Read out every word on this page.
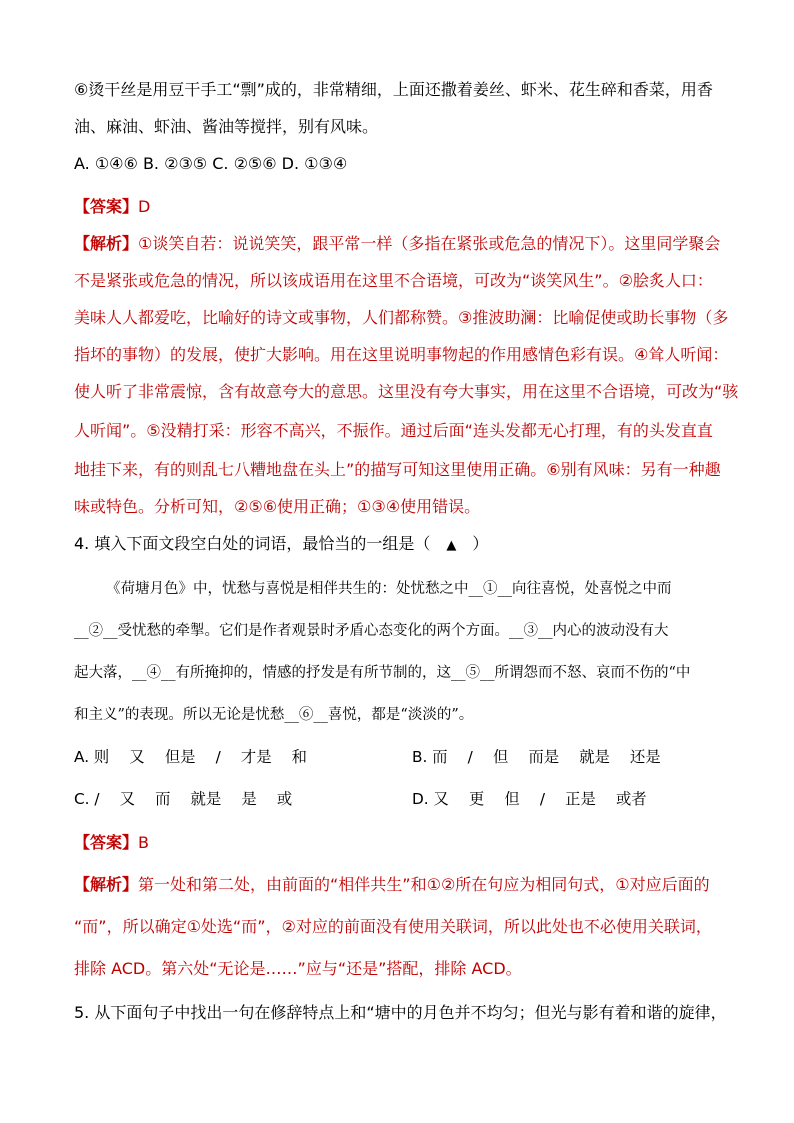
⑥烫干丝是用豆干手工“剽”成的，非常精细，上面还撒着姜丝、虾米、花生碎和香菜，用香
油、麻油、虾油、酱油等搅拌，别有风味。
A. ①④⑥ B. ②③⑤ C. ②⑤⑥ D. ①③④
【答案】D
【解析】①谈笑自若：说说笑笑，跟平常一样（多指在紧张或危急的情况下）。这里同学聚会
不是紧张或危急的情况，所以该成语用在这里不合语境，可改为“谈笑风生”。②脍炙人口：
美味人人都爱吃，比喻好的诗文或事物，人们都称赞。③推波助澜：比喻促使或助长事物（多
指坏的事物）的发展，使扩大影响。用在这里说明事物起的作用感情色彩有误。④耸人听闻：
使人听了非常震惊，含有故意夸大的意思。这里没有夸大事实，用在这里不合语境，可改为“骇
人听闻”。⑤没精打采：形容不高兴，不振作。通过后面“连头发都无心打理，有的头发直直
地挂下来，有的则乱七八糟地盘在头上”的描写可知这里使用正确。⑥别有风味：另有一种趣
味或特色。分析可知，②⑤⑥使用正确；①③④使用错误。
4. 填入下面文段空白处的词语，最恰当的一组是（　▲　）
《荷塘月色》中，忧愁与喜悦是相伴共生的：处忧愁之中__①__向往喜悦，处喜悦之中而
__②__受忧愁的牵掣。它们是作者观景时矛盾心态变化的两个方面。__③__内心的波动没有大
起大落，__④__有所掩抑的，情感的抒发是有所节制的，这__⑤__所谓怨而不怒、哀而不伤的“中
和主义”的表现。所以无论是忧愁__⑥__喜悦，都是“淡淡的”。
A. 则　 又　 但是　 /　 才是　 和	B. 而　 /　 但　 而是　 就是　 还是
C. /　 又　 而　 就是　 是　 或	D. 又　 更　 但　 /　 正是　 或者
【答案】B
【解析】第一处和第二处，由前面的“相伴共生”和①②所在句应为相同句式，①对应后面的
“而”，所以确定①处选“而”，②对应的前面没有使用关联词，所以此处也不必使用关联词，
排除 ACD。第六处“无论是……”应与“还是”搭配，排除 ACD。
5. 从下面句子中找出一句在修辞特点上和“塘中的月色并不均匀；但光与影有着和谐的旋律，
